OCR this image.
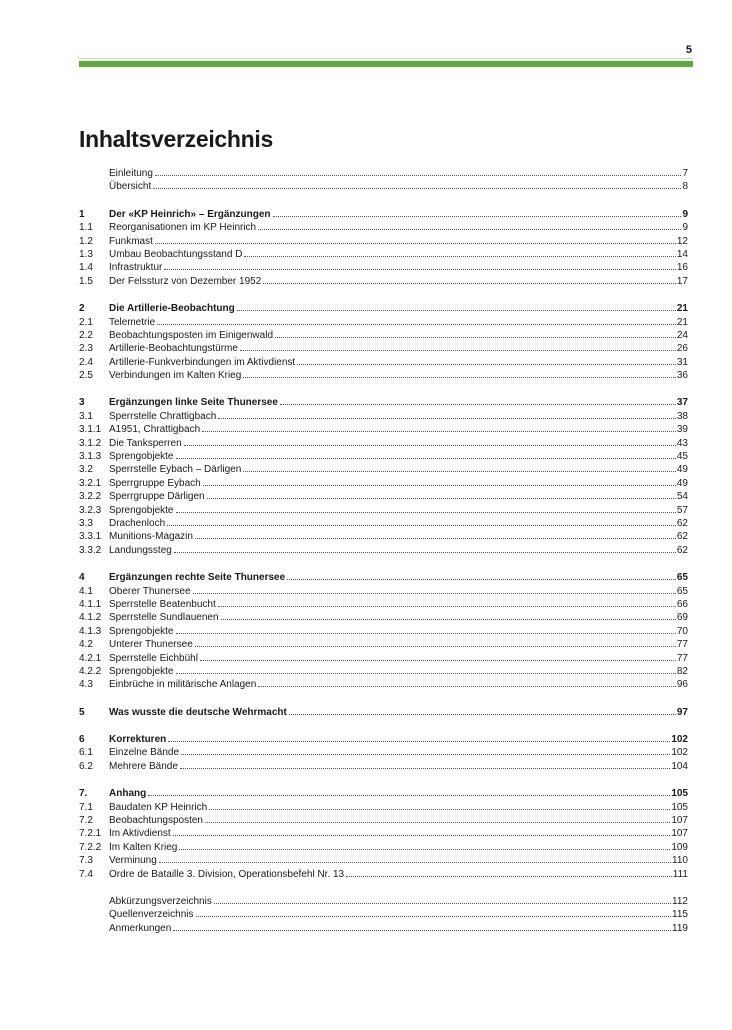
5
Inhaltsverzeichnis
Einleitung	7
Übersicht	8
1	Der «KP Heinrich» – Ergänzungen	9
1.1	Reorganisationen im KP Heinrich	9
1.2	Funkmast	12
1.3	Umbau Beobachtungsstand D	14
1.4	Infrastruktur	16
1.5	Der Felssturz von Dezember 1952	17
2	Die Artillerie-Beobachtung	21
2.1	Telemetrie	21
2.2	Beobachtungsposten im Einigenwald	24
2.3	Artillerie-Beobachtungstürme	26
2.4	Artillerie-Funkverbindungen im Aktivdienst	31
2.5	Verbindungen im Kalten Krieg	36
3	Ergänzungen linke Seite Thunersee	37
3.1	Sperrstelle Chrattigbach	38
3.1.1 A1951, Chrattigbach	39
3.1.2 Die Tanksperren	43
3.1.3 Sprengobjekte	45
3.2	Sperrstelle Eybach – Därligen	49
3.2.1 Sperrgruppe Eybach	49
3.2.2 Sperrgruppe Därligen	54
3.2.3 Sprengobjekte	57
3.3	Drachenloch	62
3.3.1 Munitions-Magazin	62
3.3.2 Landungssteg	62
4	Ergänzungen rechte Seite Thunersee	65
4.1	Oberer Thunersee	65
4.1.1 Sperrstelle Beatenbucht	66
4.1.2 Sperrstelle Sundlauenen	69
4.1.3 Sprengobjekte	70
4.2	Unterer Thunersee	77
4.2.1 Sperrstelle Eichbühl	77
4.2.2 Sprengobjekte	82
4.3	Einbrüche in militärische Anlagen	96
5	Was wusste die deutsche Wehrmacht	97
6	Korrekturen	102
6.1	Einzelne Bände	102
6.2	Mehrere Bände	104
7.	Anhang	105
7.1	Baudaten KP Heinrich	105
7.2	Beobachtungsposten	107
7.2.1 Im Aktivdienst	107
7.2.2 Im Kalten Krieg	109
7.3	Verminung	110
7.4	Ordre de Bataille 3. Division, Operationsbefehl Nr. 13	111
Abkürzungsverzeichnis	112
Quellenverzeichnis	115
Anmerkungen	119
